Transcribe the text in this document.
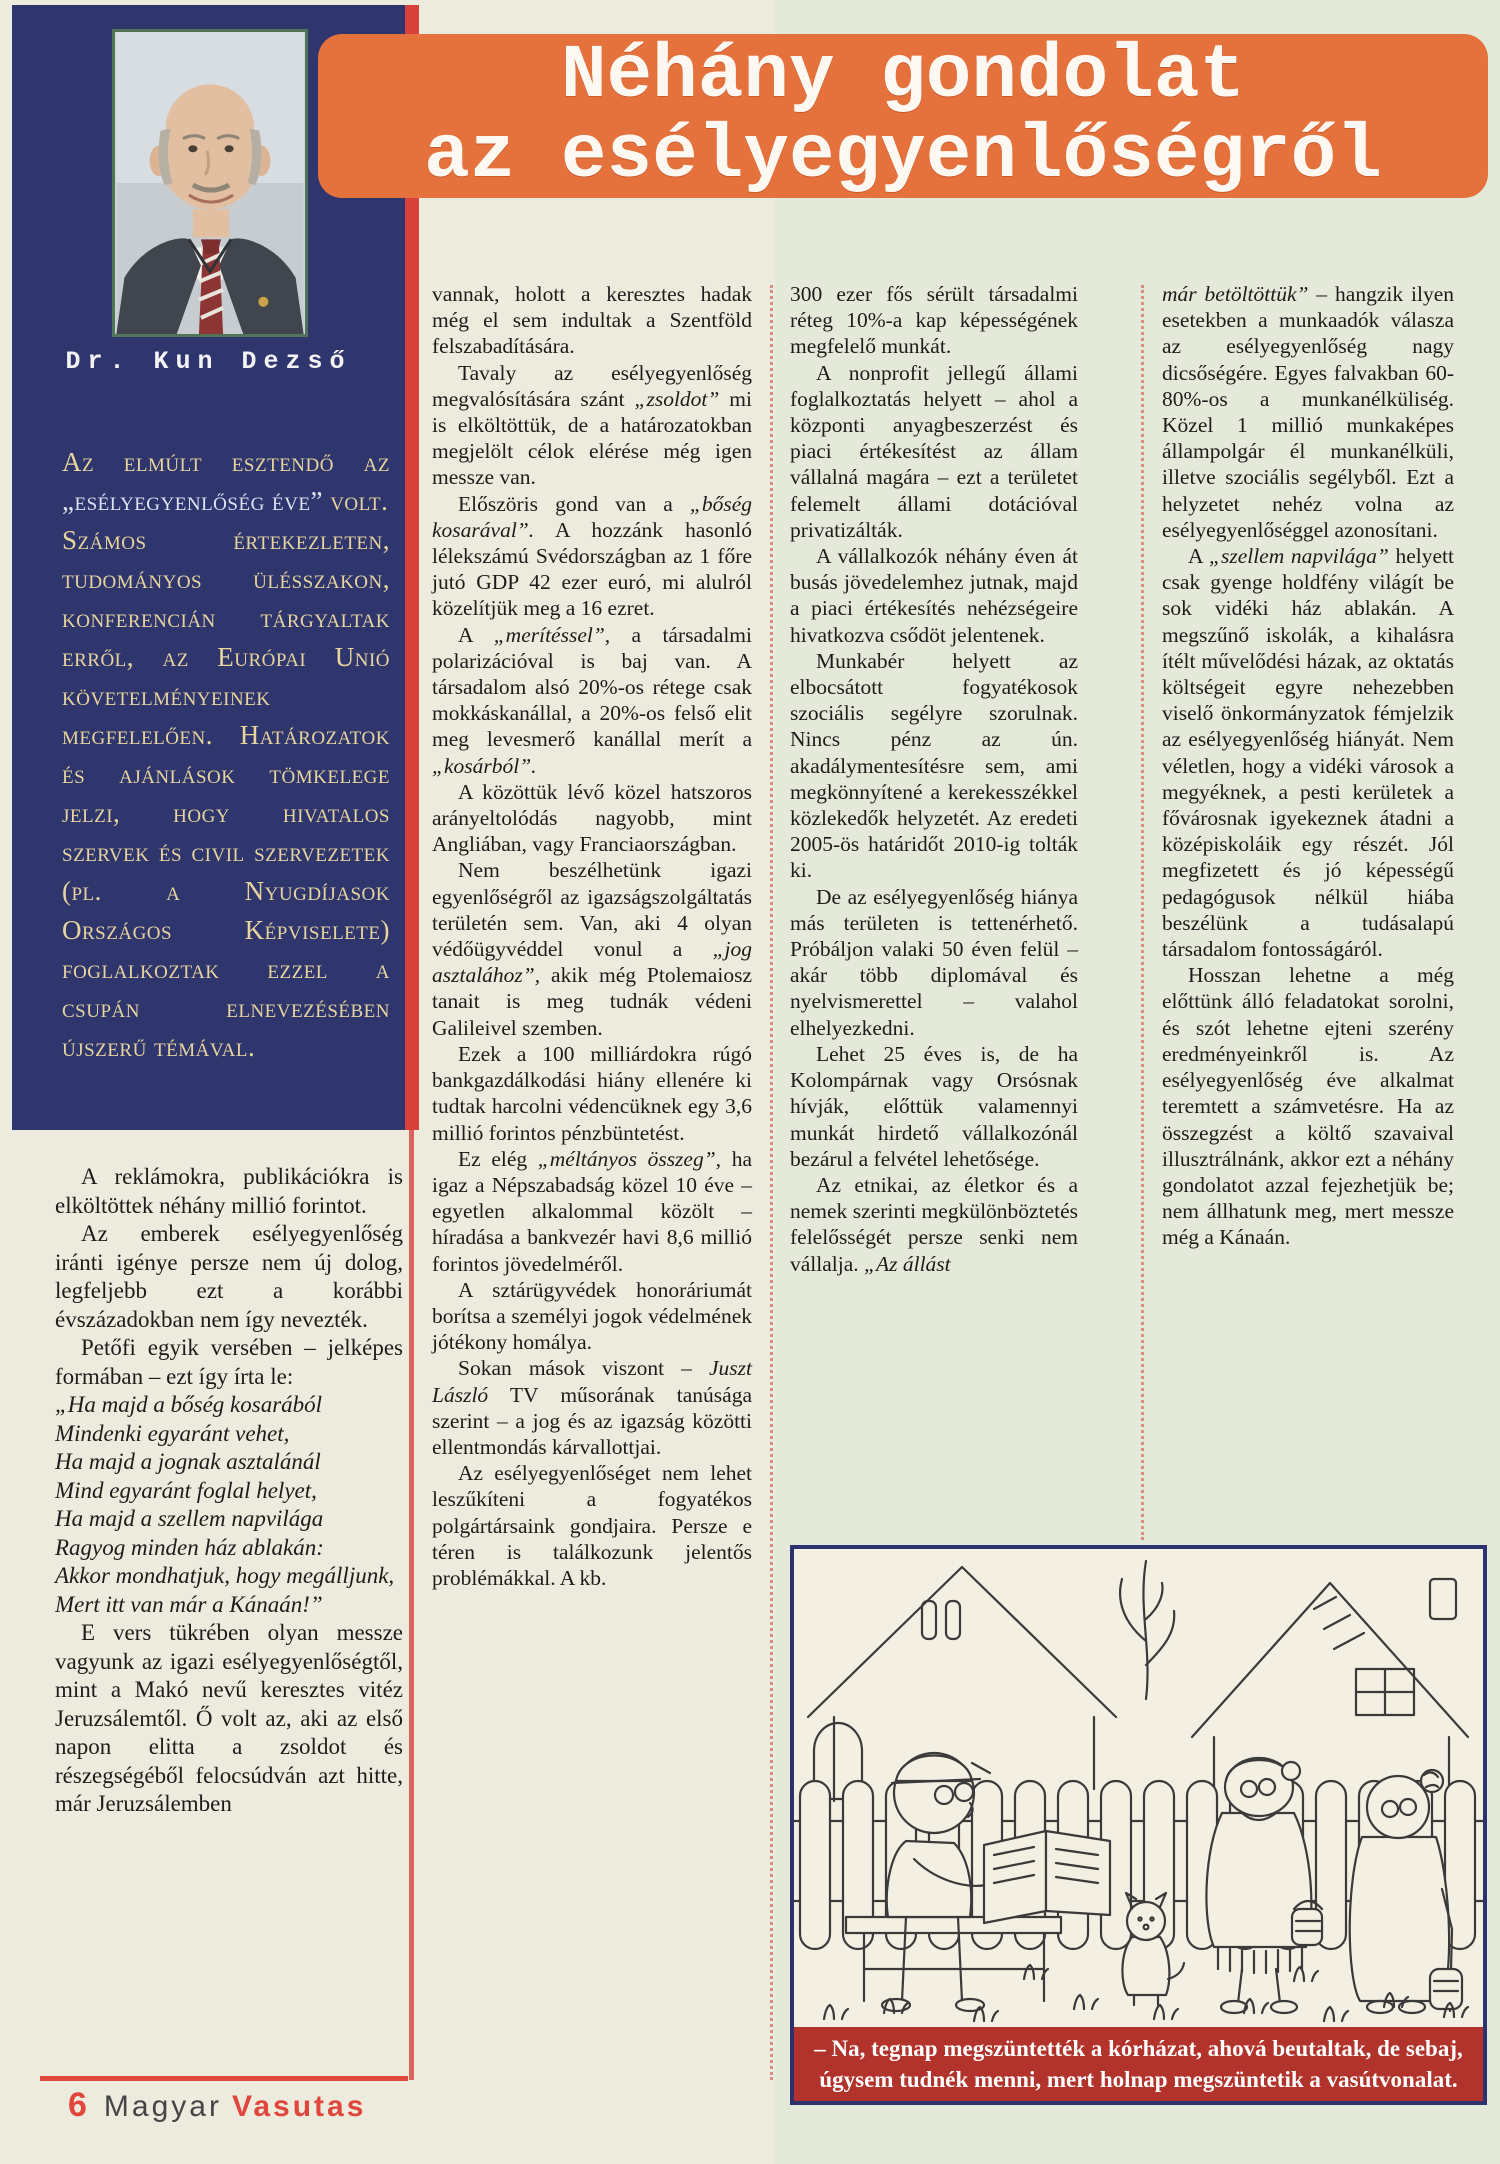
Dr. Kun Dezső

Az elmúlt esztendő az „esélyegyenlőség éve” volt.

Számos értekezleten, tudományos ülésszakon, konferencián tárgyaltak erről, az Európai Unió követelményeinek megfelelően. Határozatok és ajánlások tömkelege jelzi, hogy hivatalos szervek és civil szervezetek (pl. a Nyugdíjasok Országos Képviselete) foglalkoztak ezzel a csupán elnevezésében újszerű témával.

Néhány gondolat
az esélyegyenlőségről

A reklámokra, publikációkra is elköltöttek néhány millió forintot.

Az emberek esélyegyenlőség iránti igénye persze nem új dolog, legfeljebb ezt a korábbi évszázadokban nem így nevezték.

Petőfi egyik versében – jelképes formában – ezt így írta le:

„Ha majd a bőség kosarából

Mindenki egyaránt vehet,

Ha majd a jognak asztalánál

Mind egyaránt foglal helyet,

Ha majd a szellem napvilága

Ragyog minden ház ablakán:

Akkor mondhatjuk, hogy megálljunk,

Mert itt van már a Kánaán!”

E vers tükrében olyan messze vagyunk az igazi esélyegyenlőségtől, mint a Makó nevű keresztes vitéz Jeruzsálemtől. Ő volt az, aki az első napon elitta a zsoldot és részegségéből felocsúdván azt hitte, már Jeruzsálemben

vannak, holott a keresztes hadak még el sem indultak a Szentföld felszabadítására.

Tavaly az esélyegyenlőség megvalósítására szánt „zsoldot” mi is elköltöttük, de a határozatokban megjelölt célok elérése még igen messze van.

Előszöris gond van a „bőség kosarával”. A hozzánk hasonló lélekszámú Svédországban az 1 főre jutó GDP 42 ezer euró, mi alulról közelítjük meg a 16 ezret.

A „merítéssel”, a társadalmi polarizációval is baj van. A társadalom alsó 20%-os rétege csak mokkáskanállal, a 20%-os felső elit meg levesmerő kanállal merít a „kosárból”.

A közöttük lévő közel hatszoros arányeltolódás nagyobb, mint Angliában, vagy Franciaországban.

Nem beszélhetünk igazi egyenlőségről az igazságszolgáltatás területén sem. Van, aki 4 olyan védőügyvéddel vonul a „jog asztalához”, akik még Ptolemaiosz tanait is meg tudnák védeni Galileivel szemben.

Ezek a 100 milliárdokra rúgó bankgazdálkodási hiány ellenére ki tudtak harcolni védencüknek egy 3,6 millió forintos pénzbüntetést.

Ez elég „méltányos összeg”, ha igaz a Népszabadság közel 10 éve – egyetlen alkalommal közölt – híradása a bankvezér havi 8,6 millió forintos jövedelméről.

A sztárügyvédek honoráriumát borítsa a személyi jogok védelmének jótékony homálya.

Sokan mások viszont – Juszt László TV műsorának tanúsága szerint – a jog és az igazság közötti ellentmondás kárvallottjai.

Az esélyegyenlőséget nem lehet leszűkíteni a fogyatékos polgártársaink gondjaira. Persze e téren is találkozunk jelentős problémákkal. A kb.

300 ezer fős sérült társadalmi réteg 10%-a kap képességének megfelelő munkát.

A nonprofit jellegű állami foglalkoztatás helyett – ahol a központi anyagbeszerzést és piaci értékesítést az állam vállalná magára – ezt a területet felemelt állami dotációval privatizálták.

A vállalkozók néhány éven át busás jövedelemhez jutnak, majd a piaci értékesítés nehézségeire hivatkozva csődöt jelentenek.

Munkabér helyett az elbocsátott fogyatékosok szociális segélyre szorulnak. Nincs pénz az ún. akadálymentesítésre sem, ami megkönnyítené a kerekesszékkel közlekedők helyzetét. Az eredeti 2005-ös határidőt 2010-ig tolták ki.

De az esélyegyenlőség hiánya más területen is tettenérhető. Próbáljon valaki 50 éven felül – akár több diplomával és nyelvismerettel – valahol elhelyezkedni.

Lehet 25 éves is, de ha Kolompárnak vagy Orsósnak hívják, előttük valamennyi munkát hirdető vállalkozónál bezárul a felvétel lehetősége.

Az etnikai, az életkor és a nemek szerinti megkülönböztetés felelősségét persze senki nem vállalja. „Az állást

már betöltöttük” – hangzik ilyen esetekben a munkaadók válasza az esélyegyenlőség nagy dicsőségére. Egyes falvakban 60-80%-os a munkanélküliség. Közel 1 millió munkaképes állampolgár él munkanélküli, illetve szociális segélyből. Ezt a helyzetet nehéz volna az esélyegyenlőséggel azonosítani.

A „szellem napvilága” helyett csak gyenge holdfény világít be sok vidéki ház ablakán. A megszűnő iskolák, a kihalásra ítélt művelődési házak, az oktatás költségeit egyre nehezebben viselő önkormányzatok fémjelzik az esélyegyenlőség hiányát. Nem véletlen, hogy a vidéki városok a megyéknek, a pesti kerületek a fővárosnak igyekeznek átadni a középiskoláik egy részét. Jól megfizetett és jó képességű pedagógusok nélkül hiába beszélünk a tudásalapú társadalom fontosságáról.

Hosszan lehetne a még előttünk álló feladatokat sorolni, és szót lehetne ejteni szerény eredményeinkről is. Az esélyegyenlőség éve alkalmat teremtett a számvetésre. Ha az összegzést a költő szavaival illusztrálnánk, akkor ezt a néhány gondolatot azzal fejezhetjük be; nem állhatunk meg, mert messze még a Kánaán.

– Na, tegnap megszüntették a kórházat, ahová beutaltak, de sebaj,
úgysem tudnék menni, mert holnap megszüntetik a vasútvonalat.
6 Magyar Vasutas
